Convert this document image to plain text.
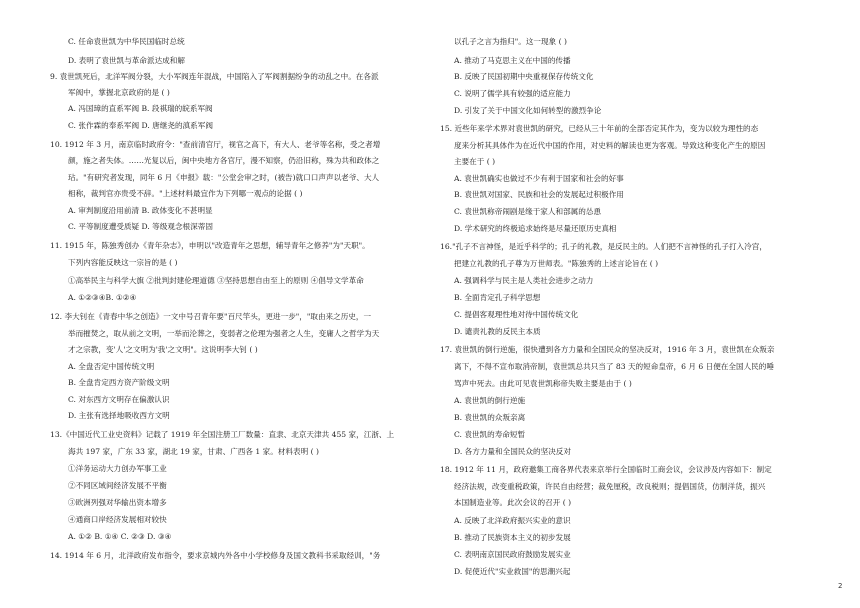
C. 任命袁世凯为中华民国临时总统
D. 表明了袁世凯与革命派达成和解
9. 袁世凯死后，北洋军阀分裂，大小军阀连年混战，中国陷入了军阀割据纷争的动乱之中。在各派
军阀中，掌握北京政府的是 ( )
A. 冯国璋的直系军阀 B. 段祺瑞的皖系军阀
C. 张作霖的奉系军阀 D. 唐继尧的滇系军阀
10. 1912 年 3 月，南京临时政府令："查前清官厅，视官之高下，有大人、老爷等名称，受之者增
颜，施之者失体。……光复以后，闽中央地方各官厅，漫不知察，仍沿旧称，殊为共和政体之
玷。"有研究者发现，同年 6 月《申报》载："公堂会审之时，(被告)就口口声声以老爷、大人
相称，裁判官亦贵受不辞。"上述材料最宜作为下列哪一观点的论据 ( )
A. 审判制度沿用前清 B. 政体变化不甚明显
C. 平等制度遭受质疑 D. 等级观念根深蒂固
11. 1915 年，陈独秀创办《青年杂志》，申明以"改造青年之思想，辅导青年之修养"为"天职"。
下列内容能反映这一宗旨的是 ( )
①高举民主与科学大旗 ②批判封建伦理道德 ③坚持思想自由至上的原则 ④倡导文学革命
A. ①②③④B. ①②④
12. 李大钊在《青春中华之创造》一文中号召青年要"百尺竿头，更进一步"，"取由来之历史，一
举而摧焚之，取从前之文明，一举而沦葬之，变弱者之伦理为强者之人生，变庸人之哲学为天
才之宗教，变'人'之文明为'我'之文明"。这说明李大钊 ( )
A. 全盘否定中国传统文明
B. 全盘肯定西方资产阶级文明
C. 对东西方文明存在偏激认识
D. 主张有选择地吸收西方文明
13.《中国近代工业史资料》记载了 1919 年全国注册工厂数量：直隶、北京天津共 455 家，江浙、上
海共 197 家，广东 33 家，湖北 19 家，甘肃、广西各 1 家。材料表明 ( )
①洋务运动大力创办军事工业
②不同区域间经济发展不平衡
③欧洲列强对华输出资本增多
④通商口岸经济发展相对较快
A. ①② B. ①④ C. ②③ D. ③④
14. 1914 年 6 月，北洋政府发布指令，要求京城内外各中小学校修身及国文教科书采取经训，"务
以孔子之言为指归"。这一现象 ( )
A. 推动了马克思主义在中国的传播
B. 反映了民国初期中央重视保存传统文化
C. 说明了儒学具有较强的适应能力
D. 引发了关于中国文化如何转型的激烈争论
15. 近些年来学术界对袁世凯的研究，已经从三十年前的全部否定其作为，变为以较为理性的态
度来分析其具体作为在近代中国的作用，对史料的解读也更为客观。导致这种变化产生的原因
主要在于 ( )
A. 袁世凯确实也做过不少有利于国家和社会的好事
B. 袁世凯对国家、民族和社会的发展起过积极作用
C. 袁世凯称帝闹剧是缘于家人和部属的怂恿
D. 学术研究的终极追求始终是尽量还原历史真相
16."孔子不言神怪，是近乎科学的；孔子的礼教，是反民主的。人们把不言神怪的孔子打入冷宫，
把建立礼教的孔子尊为万世师表。"陈独秀的上述言论旨在 ( )
A. 强调科学与民主是人类社会进步之动力
B. 全面肯定孔子科学思想
C. 提倡客观理性地对待中国传统文化
D. 谴责礼教的反民主本质
17. 袁世凯的倒行逆施，很快遭到各方力量和全国民众的坚决反对，1916 年 3 月，袁世凯在众叛亲
离下，不得不宣布取消帝制，袁世凯总共只当了 83 天的短命皇帝，6 月 6 日便在全国人民的唾
骂声中死去。由此可见袁世凯称帝失败主要是由于 ( )
A. 袁世凯的倒行逆施
B. 袁世凯的众叛亲离
C. 袁世凯的寿命短暂
D. 各方力量和全国民众的坚决反对
18. 1912 年 11 月，政府邀集工商各界代表来京举行全国临时工商会议，会议涉及内容如下：制定
经济法规，改变重税政策，许民自由经营；裁免厘税，改良税则；提倡国货，仿制洋货，振兴
本国制造业等。此次会议的召开 ( )
A. 反映了北洋政府振兴实业的意识
B. 推动了民族资本主义的初步发展
C. 表明南京国民政府鼓励发展实业
D. 促使近代"实业救国"的思潮兴起
2
